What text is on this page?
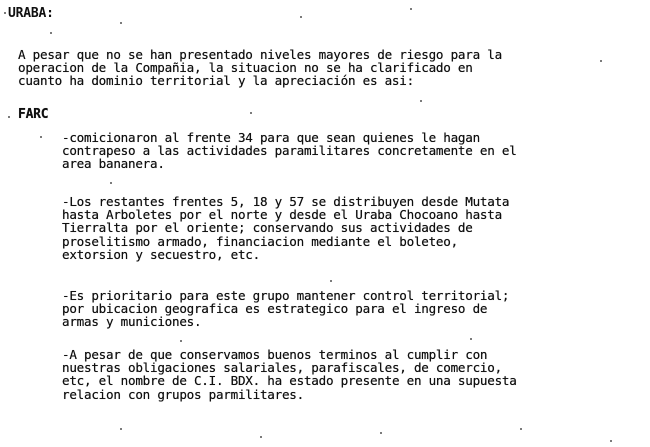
URABA:
A pesar que no se han presentado niveles mayores de riesgo para la
operacion de la Compañia, la situacion no se ha clarificado en
cuanto ha dominio territorial y la apreciación es asi:
FARC
-comicionaron al frente 34 para que sean quienes le hagan
contrapeso a las actividades paramilitares concretamente en el
area bananera.
-Los restantes frentes 5, 18 y 57 se distribuyen desde Mutata
hasta Arboletes por el norte y desde el Uraba Chocoano hasta
Tierralta por el oriente; conservando sus actividades de
proselitismo armado, financiacion mediante el boleteo,
extorsion y secuestro, etc.
-Es prioritario para este grupo mantener control territorial;
por ubicacion geografica es estrategico para el ingreso de
armas y municiones.
-A pesar de que conservamos buenos terminos al cumplir con
nuestras obligaciones salariales, parafiscales, de comercio,
etc, el nombre de C.I. BDX. ha estado presente en una supuesta
relacion con grupos parmilitares.
